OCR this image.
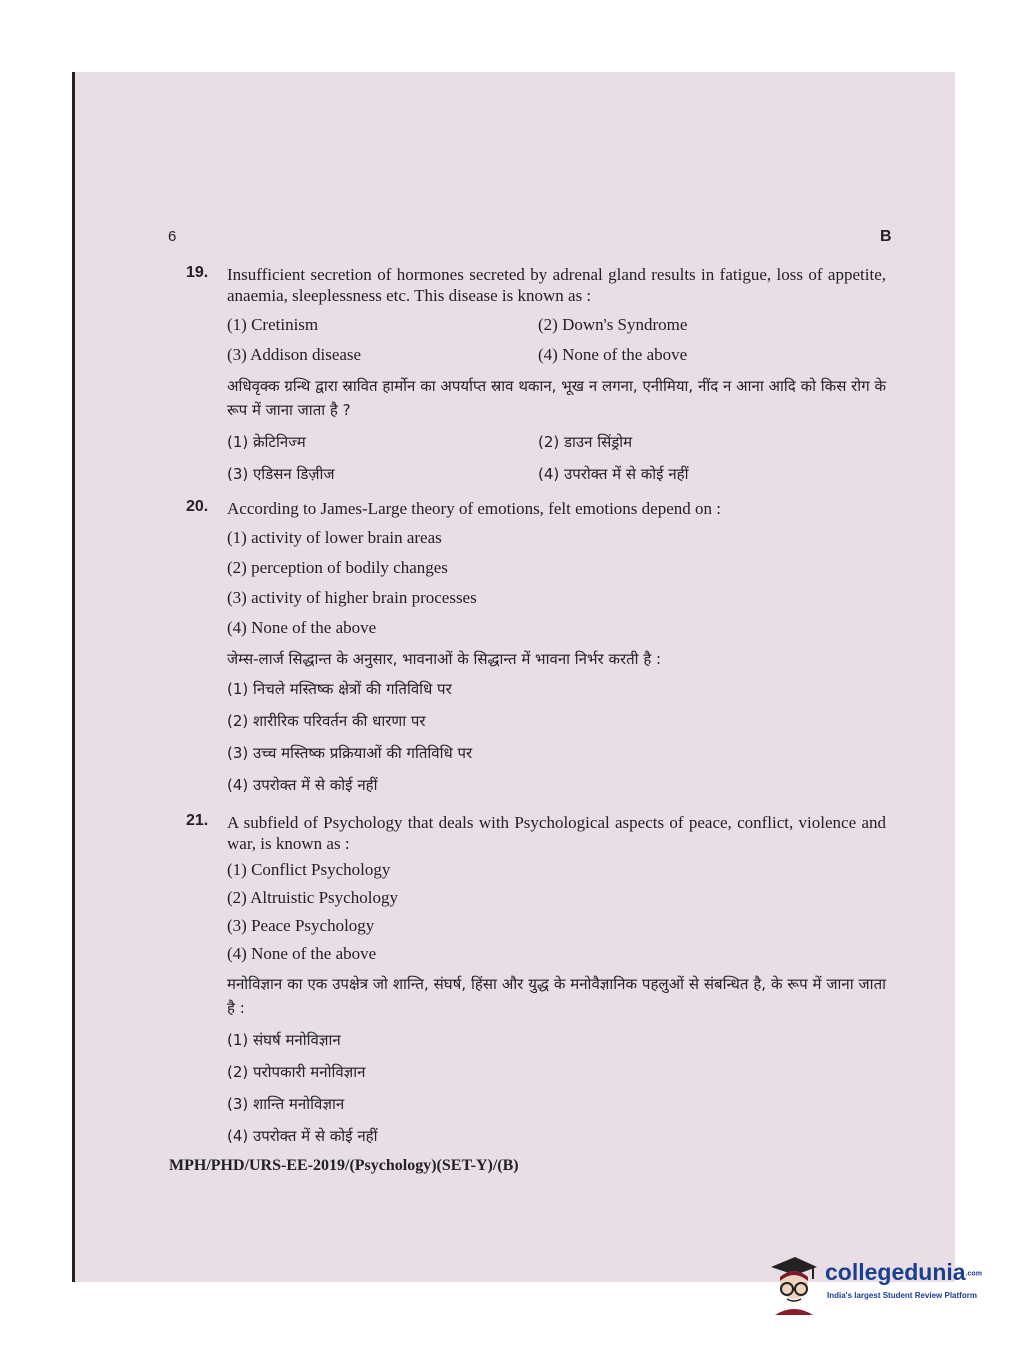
6	B
19. Insufficient secretion of hormones secreted by adrenal gland results in fatigue, loss of appetite, anaemia, sleeplessness etc. This disease is known as :
(1) Cretinism	(2) Down's Syndrome
(3) Addison disease	(4) None of the above
अधिवृक्क ग्रन्थि द्वारा स्रावित हार्मोन का अपर्याप्त स्राव थकान, भूख न लगना, एनीमिया, नींद न आना आदि को किस रोग के रूप में जाना जाता है ?
(1) क्रेटिनिज्म	(2) डाउन सिंड्रोम
(3) एडिसन डिज़ीज	(4) उपरोक्त में से कोई नहीं
20. According to James-Large theory of emotions, felt emotions depend on :
(1) activity of lower brain areas
(2) perception of bodily changes
(3) activity of higher brain processes
(4) None of the above
जेम्स-लार्ज सिद्धान्त के अनुसार, भावनाओं के सिद्धान्त में भावना निर्भर करती है :
(1) निचले मस्तिष्क क्षेत्रों की गतिविधि पर
(2) शारीरिक परिवर्तन की धारणा पर
(3) उच्च मस्तिष्क प्रक्रियाओं की गतिविधि पर
(4) उपरोक्त में से कोई नहीं
21. A subfield of Psychology that deals with Psychological aspects of peace, conflict, violence and war, is known as :
(1) Conflict Psychology
(2) Altruistic Psychology
(3) Peace Psychology
(4) None of the above
मनोविज्ञान का एक उपक्षेत्र जो शान्ति, संघर्ष, हिंसा और युद्ध के मनोवैज्ञानिक पहलुओं से संबन्धित है, के रूप में जाना जाता है :
(1) संघर्ष मनोविज्ञान
(2) परोपकारी मनोविज्ञान
(3) शान्ति मनोविज्ञान
(4) उपरोक्त में से कोई नहीं
MPH/PHD/URS-EE-2019/(Psychology)(SET-Y)/(B)
collegedunia.com
India's largest Student Review Platform
